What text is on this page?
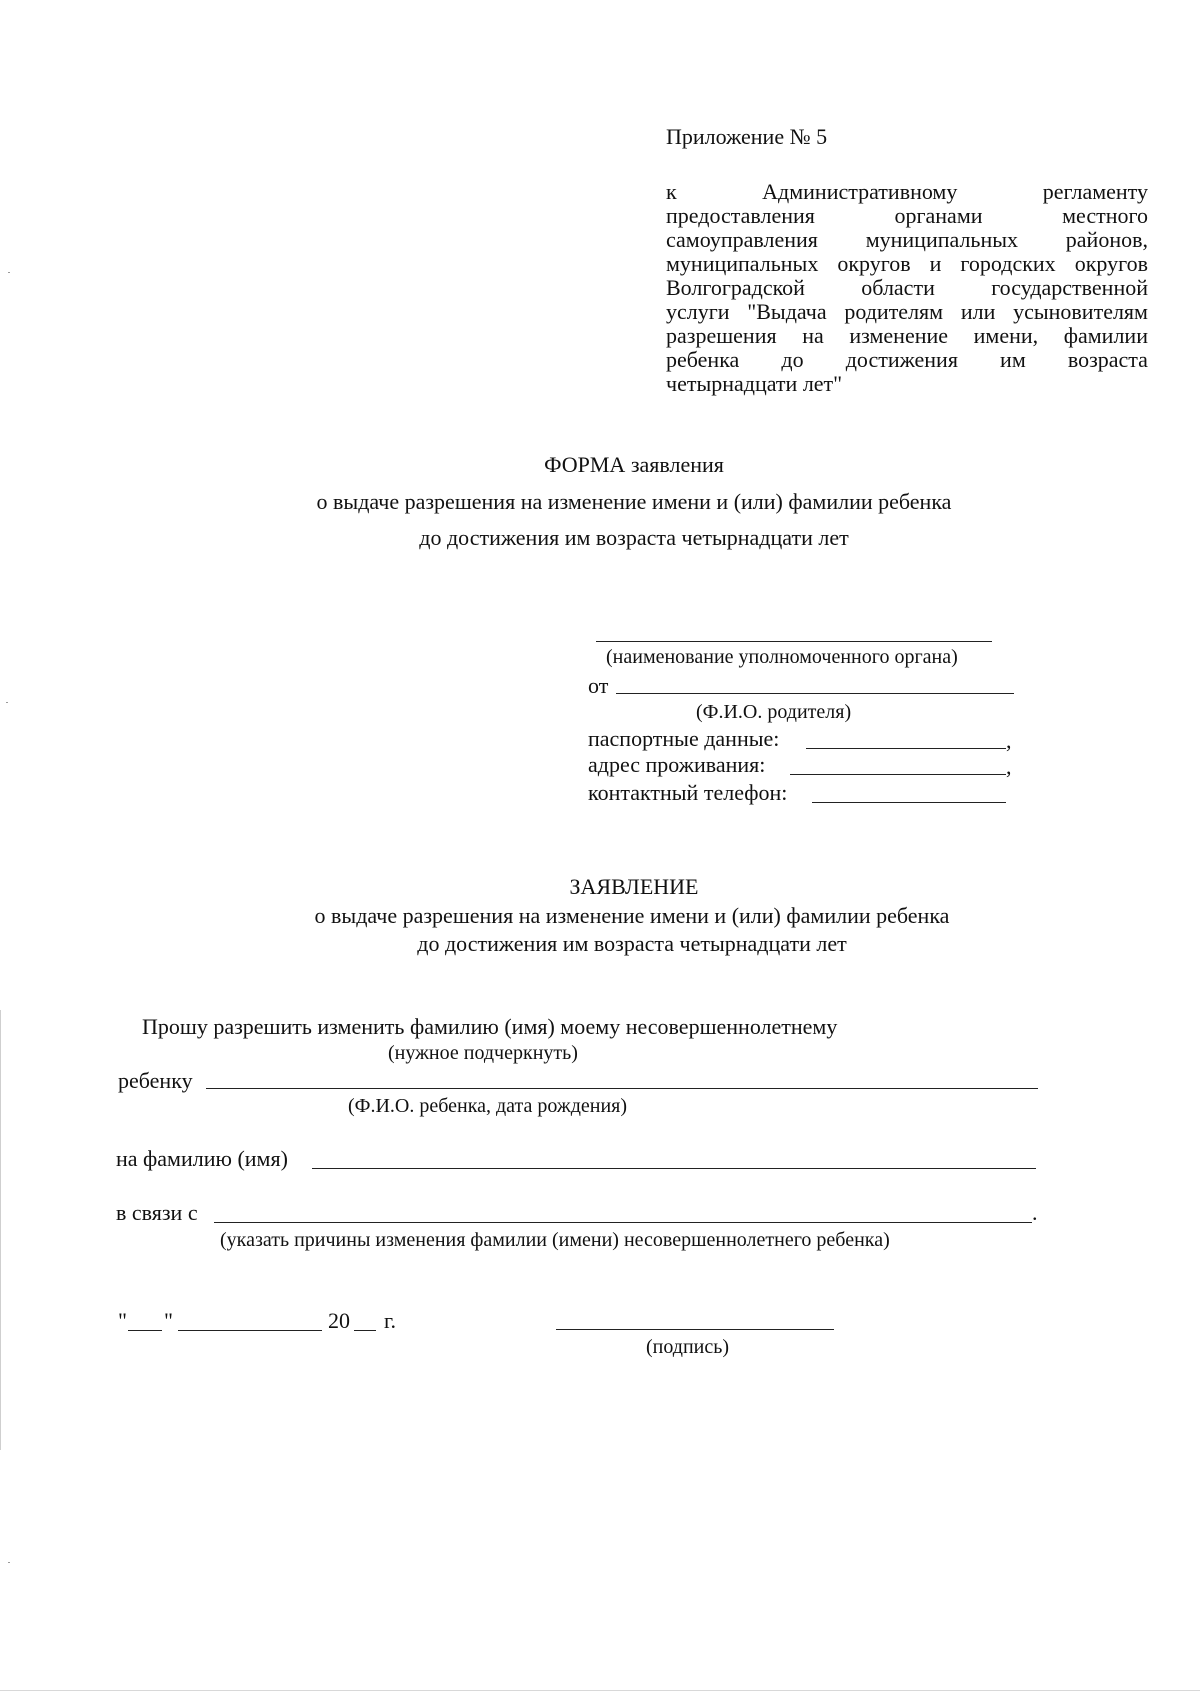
Приложение № 5
к	Административному	регламенту
предоставления	органами	местного
самоуправления муниципальных районов,
муниципальных округов и городских округов
Волгоградской	области	государственной
услуги "Выдача родителям или усыновителям
разрешения на изменение имени, фамилии
ребенка до достижения им возраста
четырнадцати лет"
ФОРМА заявления
о выдаче разрешения на изменение имени и (или) фамилии ребенка
до достижения им возраста четырнадцати лет
(наименование уполномоченного органа)
от
(Ф.И.О. родителя)
паспортные данные:	,
адрес проживания:	,
контактный телефон:
ЗАЯВЛЕНИЕ
о выдаче разрешения на изменение имени и (или) фамилии ребенка
до достижения им возраста четырнадцати лет
Прошу разрешить изменить фамилию (имя) моему несовершеннолетнему
(нужное подчеркнуть)
ребенку
(Ф.И.О. ребенка, дата рождения)
на фамилию (имя)
в связи с	.
(указать причины изменения фамилии (имени) несовершеннолетнего ребенка)
" "	20 г.
(подпись)
